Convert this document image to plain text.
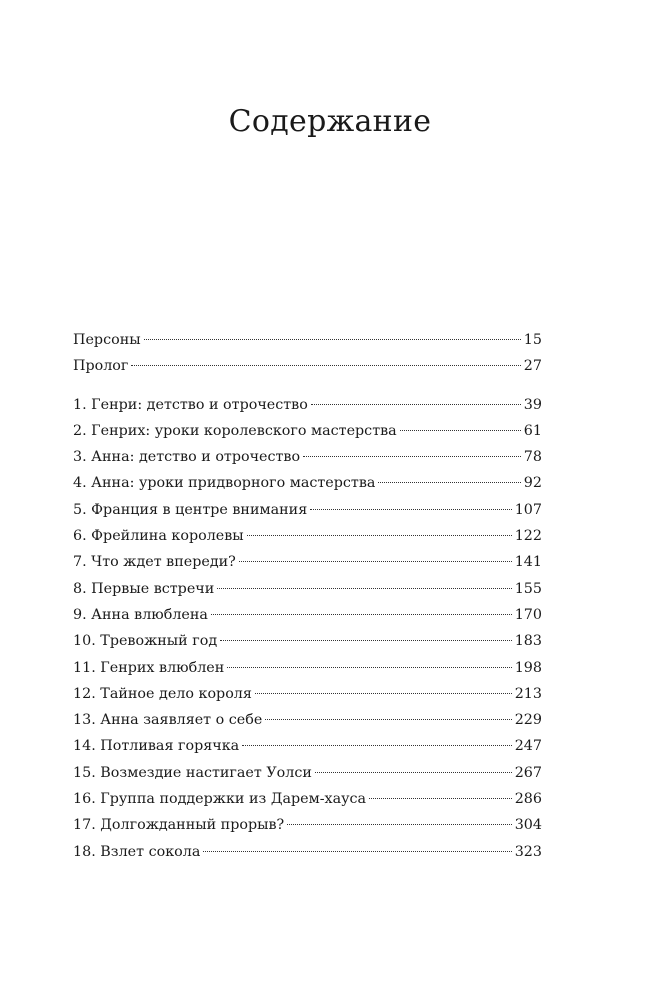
Содержание
Персоны	15
Пролог	27
1. Генри: детство и отрочество	39
2. Генрих: уроки королевского мастерства	61
3. Анна: детство и отрочество	78
4. Анна: уроки придворного мастерства	92
5. Франция в центре внимания	107
6. Фрейлина королевы	122
7. Что ждет впереди?	141
8. Первые встречи	155
9. Анна влюблена	170
10. Тревожный год	183
11. Генрих влюблен	198
12. Тайное дело короля	213
13. Анна заявляет о себе	229
14. Потливая горячка	247
15. Возмездие настигает Уолси	267
16. Группа поддержки из Дарем-хауса	286
17. Долгожданный прорыв?	304
18. Взлет сокола	323
